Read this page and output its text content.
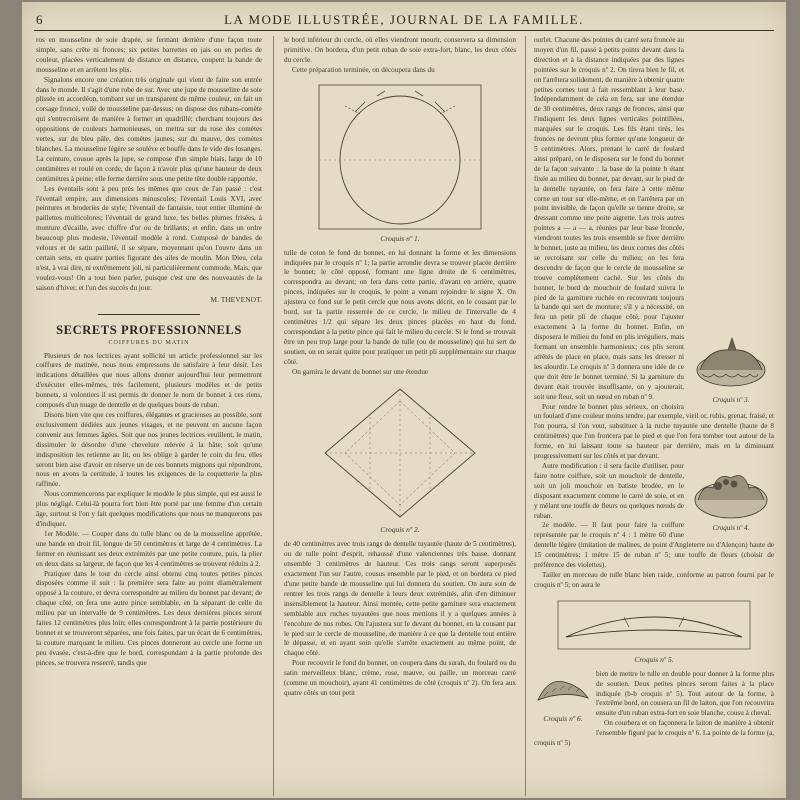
6	LA MODE ILLUSTRÉE, JOURNAL DE LA FAMILLE.

ros en mousseline de soie drapée, se fermant derrière d'une façon toute simple, sans crête ni fronces; six petites barrettes en jais ou en perles de couleur, placées verticalement de distance en distance, coupent la bande de mousseline et en arrêtent les plis.

Signalons encore une création très originale qui vient de faire son entrée dans le monde. Il s'agit d'une robe de sur. Avec une jupe de mousseline de soie plissée en accordéon, tombant sur un transparent de même couleur, on fait un corsage froncé, voilé de mousseline par-dessus; on dispose des rubans-comète qui s'entrecroisent de manière à former un quadrillé; cherchant toujours des oppositions de couleurs harmonieuses, on mettra sur du rose des comètes vertes, sur du bleu pâle, des comètes jaunes; sur du mauve, des comètes blanches. La mousseline légère se soulève et bouffe dans le vide des losanges. La ceinture, cousue après la jupe, se compose d'un simple biais, large de 10 centimètres et roulé en corde, de façon à n'avoir plus qu'une hauteur de deux centimètres à peine; elle ferme derrière sous une petite tête double rapportée.

Les éventails sont à peu près les mêmes que ceux de l'an passé : c'est l'éventail empire, aux dimensions minuscules; l'éventail Louis XVI, avec peintures et broderies de style; l'éventail de fantaisie, tout entier illuminé de paillettes multicolores; l'éventail de grand luxe, les belles plumes frisées, à monture d'écaille, avec chiffre d'or ou de brillants; et enfin, dans un ordre beaucoup plus modeste, l'éventail modèle à rond. Composé de bandes de velours et de satin pailleté, il se sépare, moyennant qu'on l'ouvre dans un certain sens, en quatre parties figurant des ailes de moulin. Mon Dieu, cela n'est, à vrai dire, ni extrêmement joli, ni particulièrement commode. Mais, que voulez-vous! On a tout bien parler, puisque c'est une des nouveautés de la saison d'hiver, et l'un des succès du jour.

M. THEVENOT.

SECRETS PROFESSIONNELS
COIFFURES DU MATIN

Plusieurs de nos lectrices ayant sollicité un article professionnel sur les coiffures de matinée, nous nous empressons de satisfaire à leur désir. Les indications détaillées que nous allons donner aujourd'hui leur permettront d'exécuter elles-mêmes, très facilement, plusieurs modèles et de petits bonnets, si volontiers il est permis de donner le nom de bonnet à ces riens, composés d'un nuage de dentelle et de quelques bouts de ruban.

Disons bien vite que ces coiffures, élégantes et gracieuses au possible, sont exclusivement dédiées aux jeunes visages, et ne peuvent en aucune façon convenir aux femmes âgées. Soit que nos jeunes lectrices veuillent, le matin, dissimuler le désordre d'une chevelure relevée à la hâte; soit qu'une indisposition les retienne au lit, ou les oblige à garder le coin du feu, elles seront bien aise d'avoir en réserve un de ces bonnets mignons qui répondront, nous en avons la certitude, à toutes les exigences de la coquetterie la plus raffinée.

Nous commencerons par expliquer le modèle le plus simple, qui est aussi le plus négligé. Celui-là pourra fort bien être porté par une femme d'un certain âge, surtout si l'on y fait quelques modifications que nous ne manquerons pas d'indiquer.

1er Modèle. — Couper dans du tulle blanc ou de la mousseline apprêtée, une bande en droit fil, longue de 50 centimètres et large de 4 centimètres. La fermer en réunissant ses deux extrémités par une petite couture, puis, la plier en deux dans sa largeur, de façon que les 4 centimètres se trouvent réduits à 2.

Pratiquer dans le tour du cercle ainsi obtenu cinq toutes petites pinces disposées comme il suit : la première sera faite au point diamétralement opposé à la couture, et devra correspondre au milieu du bonnet par devant; de chaque côté, on fera une autre pince semblable, en la séparant de celle du milieu par un intervalle de 9 centimètres. Les deux dernières pinces seront faites 12 centimètres plus loin; elles correspondront à la partie postérieure du bonnet et se trouveront séparées, une fois faites, par un écart de 6 centimètres, la couture marquant le milieu. Ces pinces donneront au cercle une forme un peu évasée, c'est-à-dire que le bord, correspondant à la partie profonde des pinces, se trouvera resserré, tandis que

le bord inférieur du cercle, où elles viendront mourir, conservera sa dimension primitive. On bordera, d'un petit ruban de soie extra-fort, blanc, les deux côtés du cercle.

Cette préparation terminée, on découpera dans du

Croquis nº 1.

tulle de coton le fond du bonnet, en lui donnant la forme et les dimensions indiquées par le croquis nº 1; la partie arrondie devra se trouver placée derrière le bonnet; le côté opposé, formant une ligne droite de 6 centimètres, correspondra au devant; on fera dans cette partie, d'avant en arrière, quatre pinces, indiquées sur le croquis, le point a venant rejoindre le signe X. On ajustera ce fond sur le petit cercle que nous avons décrit, en le cousant par le bord, sur la partie resserrée de ce cercle, le milieu de l'intervalle de 4 centimètres 1/2 qui sépare les deux pinces placées en haut du fond, correspondant à la petite pince qui fait le milieu du cercle. Si le fond se trouvait être un peu trop large pour la bande de tulle (ou de mousseline) qui lui sert de soutien, on en serait quitte pour pratiquer un petit pli supplémentaire sur chaque côté.

On garnira le devant du bonnet sur une étendue

Croquis nº 2.

de 40 centimètres avec trois rangs de dentelle tuyautée (haute de 5 centimètres), ou de tulle point d'esprit, rehaussé d'une valenciennes très basse, donnant ensemble 3 centimètres de hauteur. Ces trois rangs seront superposés exactement l'un sur l'autre, cousus ensemble par le pied, et on bordera ce pied d'une petite bande de mousseline qui lui donnera du soutien. On aura soin de rentrer les trois rangs de dentelle à leurs deux extrémités, afin d'en diminuer insensiblement la hauteur. Ainsi montée, cette petite garniture sera exactement semblable aux ruches tuyautées que nous mettions il y a quelques années à l'encolure de nos robes. On l'ajustera sur le devant du bonnet, en la cousant par le pied sur le cercle de mousseline, de manière à ce que la dentelle tout entière le dépasse, et en ayant soin qu'elle s'arrête exactement au même point, de chaque côté.

Pour recouvrir le fond du bonnet, on coupera dans du surah, du foulard ou du satin merveilleux blanc, crème, rose, mauve, ou paille, un morceau carré (comme un mouchoir), ayant 41 centimètres de côté (croquis nº 2). On fera aux quatre côtés un tout petit

Croquis nº 3.

ourlet. Chacune des pointes du carré sera froncée au moyen d'un fil, passé à petits points devant dans la direction et à la distance indiquées par des lignes pointées sur le croquis nº 2. On tirera bien le fil, et on l'arrêtera solidement, de manière à obtenir quatre petites cornes tout à fait ressemblant à leur base. Indépendamment de cela en fera, sur une étendue de 30 centimètres, deux rangs de fronces, ainsi que l'indiquent les deux lignes verticales pointillées, marquées sur le croquis. Les fils étant tirés, les fronces ne devront plus former qu'une longueur de 5 centimètres. Alors, prenant le carré de foulard ainsi préparé, on le disposera sur le fond du bonnet de la façon suivante : la base de la pointe b étant fixée au milieu du bonnet, par devant, sur le pied de la dentelle tuyautée, on fera faire à cette même corne un tour sur elle-même, et on l'arrêtera par un point invisible, de façon qu'elle se tienne droite, se dressant comme une poite aigrette. Les trois autres pointes a — a — a, réunies par leur base froncée, viendront toutes les trois ensemble se fixer derrière le bonnet, juste au milieu, les deux cornes des côtés se recroisant sur celle du milieu; on les fera descendre de façon que le cercle de mousseline se trouve complètement caché. Sur les côtés du bonnet, le bord de mouchoir de foulard suivra le pied de la garniture ruchée en recouvrant toujours la bande qui sert de monture; s'il y a nécessité, on fera un petit pli de chaque côté, pour l'ajuster exactement à la forme du bonnet. Enfin, on disposera le milieu du fond en plis irréguliers, mais formant un ensemble harmonieux; ces plis seront arrêtés de place en place, mais sans les dresser ni les alourdir. Le croquis nº 3 donnera une idée de ce que doit être le bonnet terminé. Si la garniture du devant était trouvée insuffisante, on y ajouterait, soit une fleur, soit un nœud en ruban nº 9.

Pour rendre le bonnet plus sérieux, on choisira un foulard d'une couleur moins tendre, par exemple, vieil or, rubis, grenat, fraisé, et l'on pourra, si l'on veut, substituer à la ruche tuyautée une dentelle (haute de 8 centimètres) que l'on froncera par le pied et que l'on fera tomber tout autour de la forme, en lui laissant toute sa hauteur par derrière, mais en la diminuant progressivement sur les côtés et par devant.

Croquis nº 4.

Autre modification : il sera facile d'utiliser, pour faire notre coiffure, soit un mouchoir de dentelle, soit un joli mouchoir en batiste brodée, en le disposant exactement comme le carré de soie, et en y mêlant une touffe de fleurs ou quelques nœuds de ruban.

2e modèle. — Il faut pour faire la coiffure représentée par le croquis nº 4 : 1 mètre 60 d'une dentelle légère (imitation de malines, de point d'Angleterre ou d'Alençon) haute de 15 centimètres; 1 mètre 15 de ruban nº 5; une touffe de fleurs (choisir de préférence des violettes).

Tailler un morceau de tulle blanc bien raide, conforme au patron fourni par le croquis nº 5; on aura le

Croquis nº 5.
Croquis nº 6.

bien de mettre le tulle en double pour donner à la forme plus de soutien. Deux petites pinces seront faites à la place indiquée (b-b croquis nº 5). Tout autour de la forme, à l'extrême bord, on cousera un fil de laiton, que l'on recouvrira ensuite d'un ruban extra-fort en soie blanche, cousu à cheval.

On courbera et on façonnera le laiton de manière à obtenir l'ensemble figuré par le croquis nº 6. La pointe de la forme (a, croquis nº 5)
